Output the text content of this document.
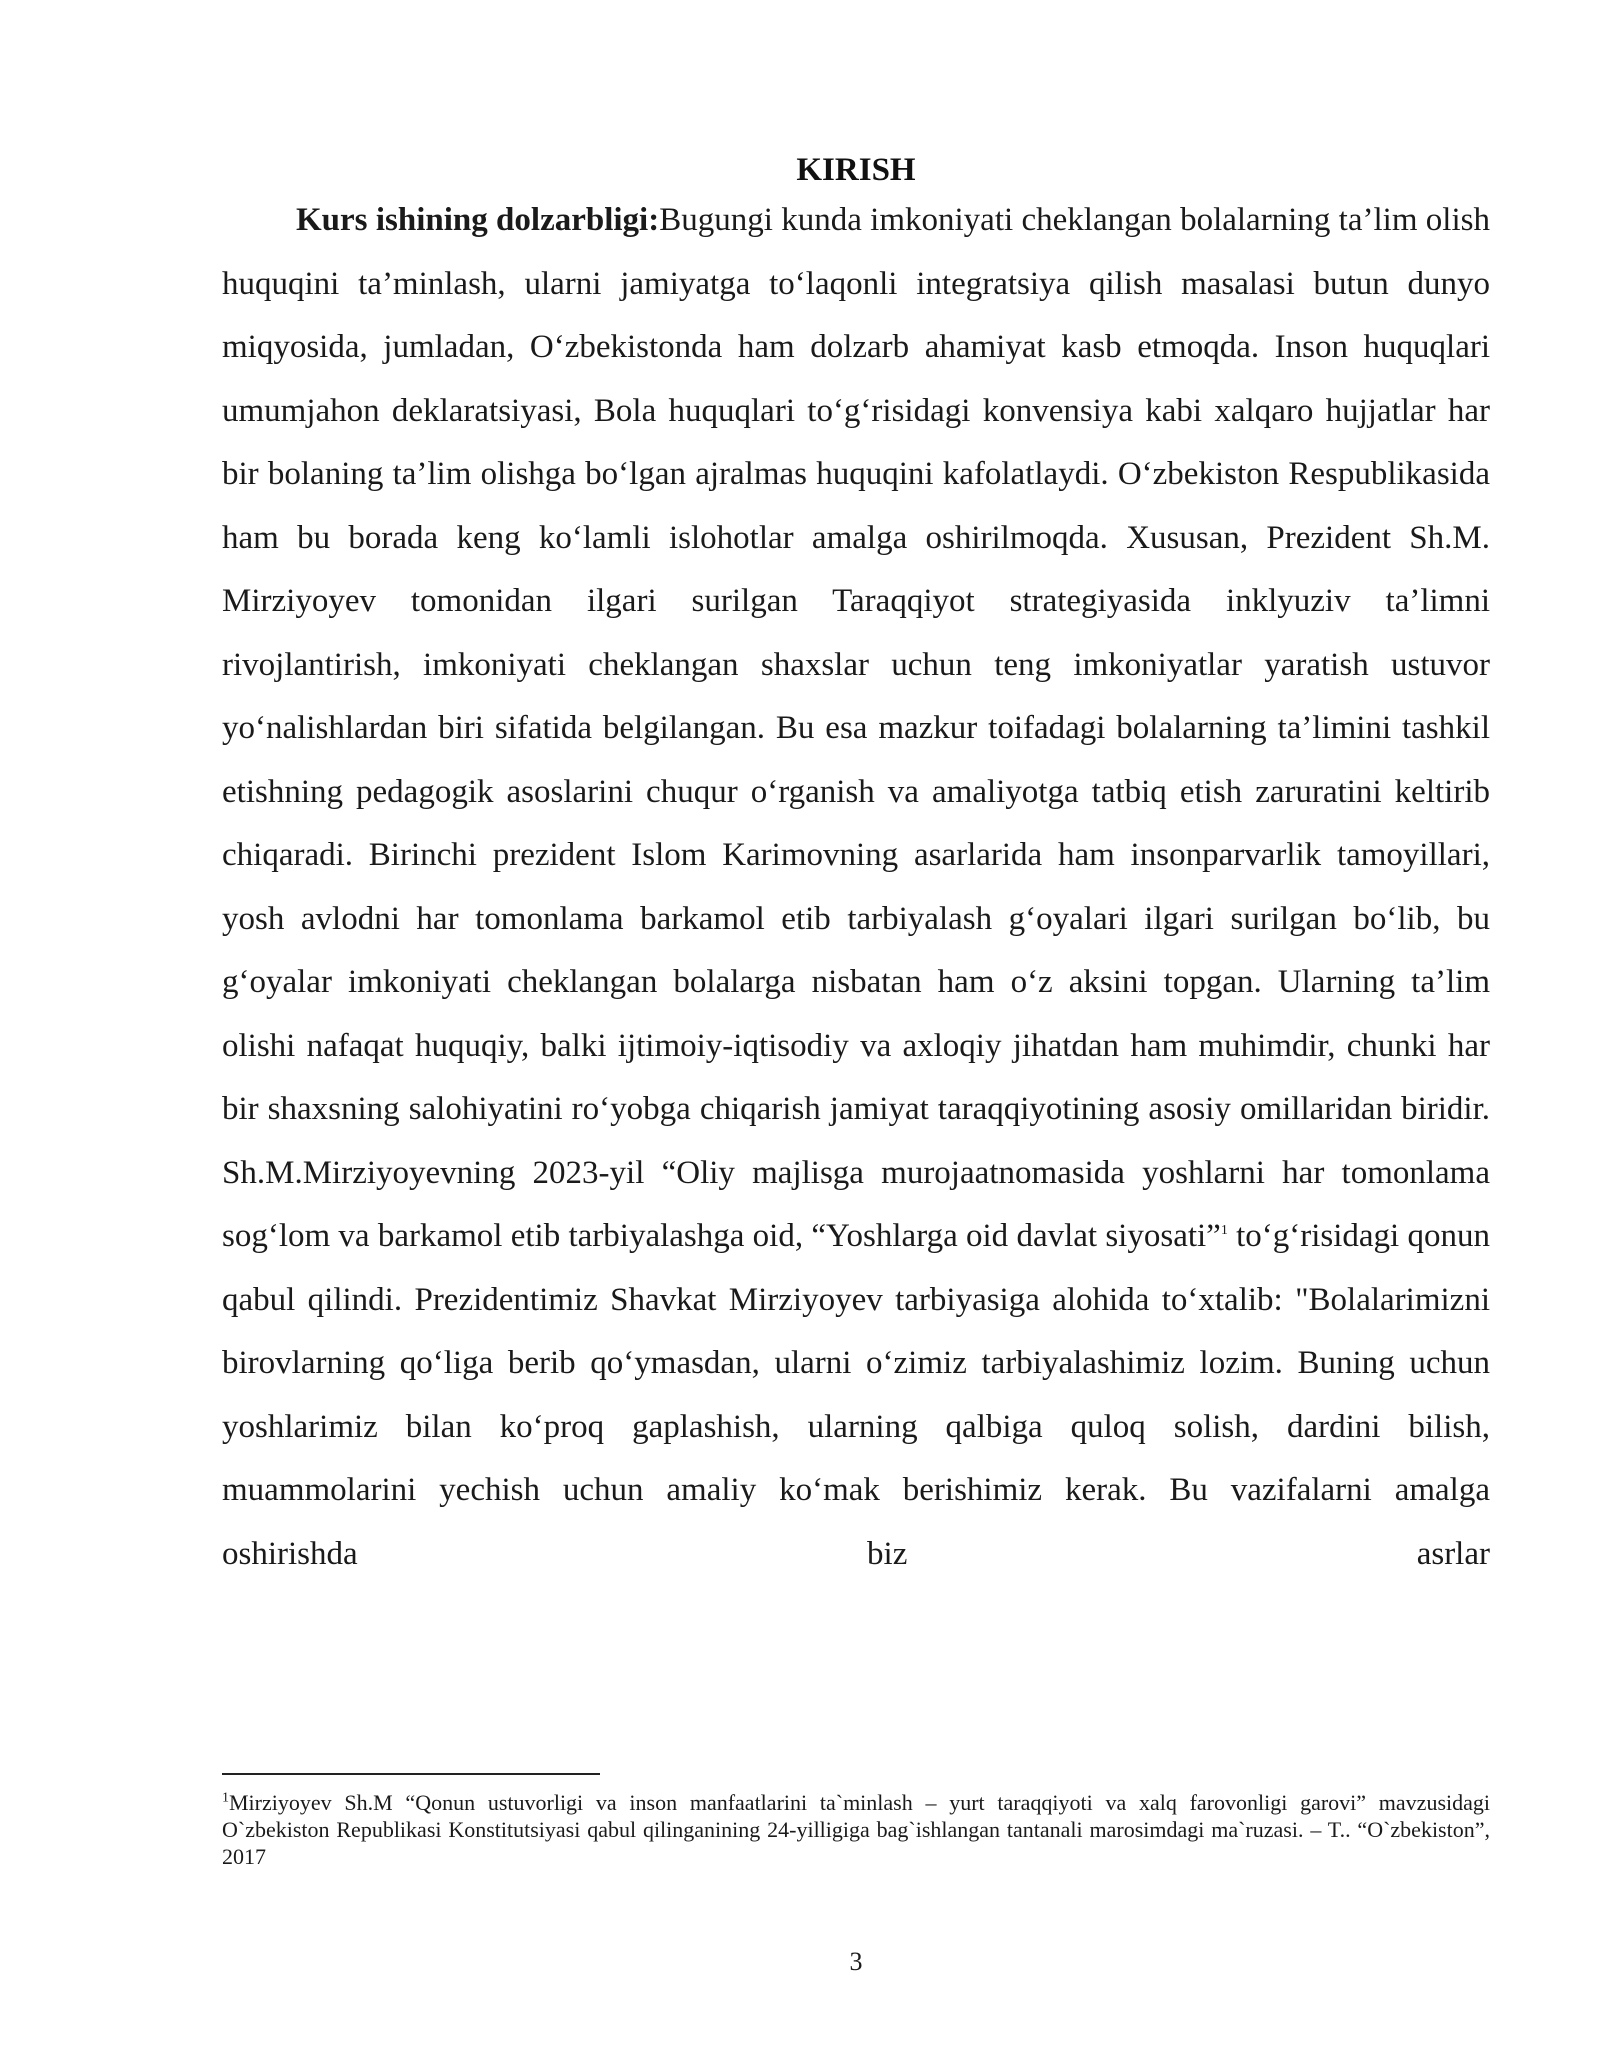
KIRISH

Kurs ishining dolzarbligi:Bugungi kunda imkoniyati cheklangan bolalarning ta’lim olish huquqini ta’minlash, ularni jamiyatga to‘laqonli integratsiya qilish masalasi butun dunyo miqyosida, jumladan, O‘zbekistonda ham dolzarb ahamiyat kasb etmoqda. Inson huquqlari umumjahon deklaratsiyasi, Bola huquqlari to‘g‘risidagi konvensiya kabi xalqaro hujjatlar har bir bolaning ta’lim olishga bo‘lgan ajralmas huquqini kafolatlaydi. O‘zbekiston Respublikasida ham bu borada keng ko‘lamli islohotlar amalga oshirilmoqda. Xususan, Prezident Sh.M. Mirziyoyev tomonidan ilgari surilgan Taraqqiyot strategiyasida inklyuziv ta’limni rivojlantirish, imkoniyati cheklangan shaxslar uchun teng imkoniyatlar yaratish ustuvor yo‘nalishlardan biri sifatida belgilangan. Bu esa mazkur toifadagi bolalarning ta’limini tashkil etishning pedagogik asoslarini chuqur o‘rganish va amaliyotga tatbiq etish zaruratini keltirib chiqaradi. Birinchi prezident Islom Karimovning asarlarida ham insonparvarlik tamoyillari, yosh avlodni har tomonlama barkamol etib tarbiyalash g‘oyalari ilgari surilgan bo‘lib, bu g‘oyalar imkoniyati cheklangan bolalarga nisbatan ham o‘z aksini topgan. Ularning ta’lim olishi nafaqat huquqiy, balki ijtimoiy-iqtisodiy va axloqiy jihatdan ham muhimdir, chunki har bir shaxsning salohiyatini ro‘yobga chiqarish jamiyat taraqqiyotining asosiy omillaridan biridir. Sh.M.Mirziyoyevning 2023-yil “Oliy majlisga murojaatnomasida yoshlarni har tomonlama sog‘lom va barkamol etib tarbiyalashga oid, “Yoshlarga oid davlat siyosati”$^1$ to‘g‘risidagi qonun qabul qilindi. Prezidentimiz Shavkat Mirziyoyev tarbiyasiga alohida to‘xtalib: "Bolalarimizni birovlarning qo‘liga berib qo‘ymasdan, ularni o‘zimiz tarbiyalashimiz lozim. Buning uchun yoshlarimiz bilan ko‘proq gaplashish, ularning qalbiga quloq solish, dardini bilish, muammolarini yechish uchun amaliy ko‘mak berishimiz kerak. Bu vazifalarni amalga oshirishda biz asrlar

$^1$Mirziyoyev Sh.M “Qonun ustuvorligi va inson manfaatlarini ta`minlash – yurt taraqqiyoti va xalq farovonligi garovi” mavzusidagi O`zbekiston Republikasi Konstitutsiyasi qabul qilinganining 24-yilligiga bag`ishlangan tantanali marosimdagi ma`ruzasi. – T.. “O`zbekiston”, 2017

3
